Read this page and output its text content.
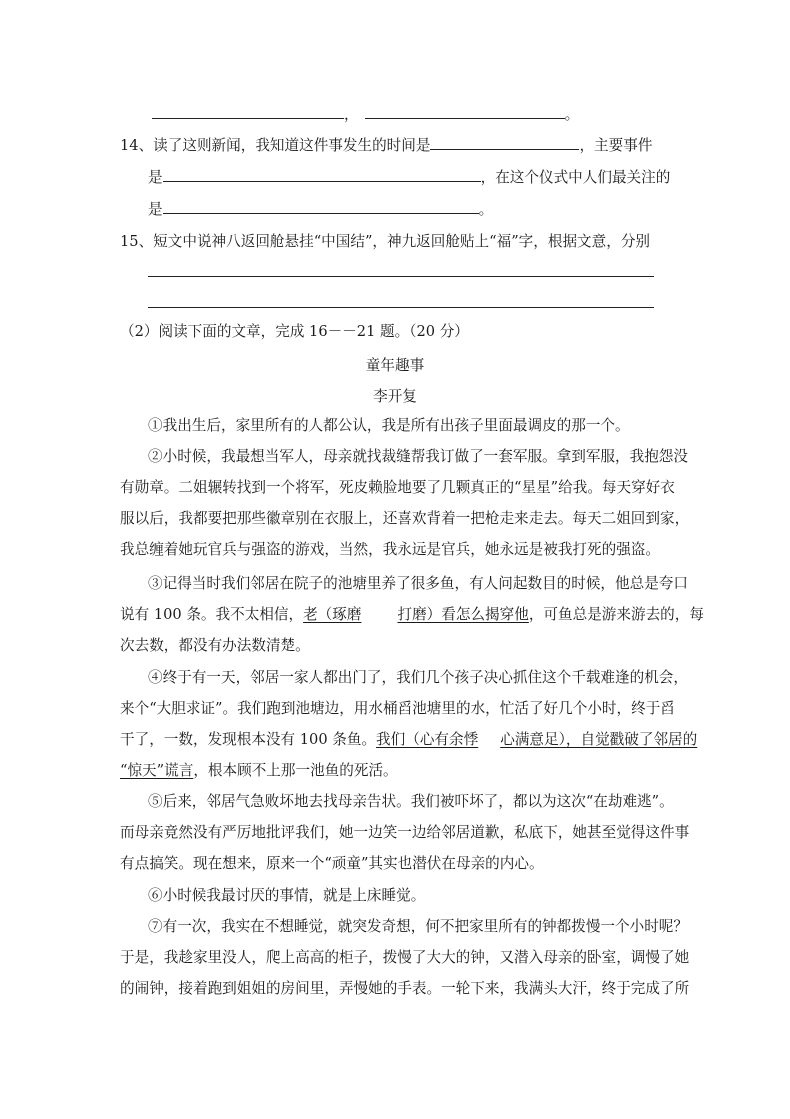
，	。
14、读了这则新闻，我知道这件事发生的时间是	，主要事件
是	，在这个仪式中人们最关注的
是	。
15、短文中说神八返回舱悬挂“中国结”，神九返回舱贴上“福”字，根据文意，分别
（2）阅读下面的文章，完成 16－－21 题。（20 分）
童年趣事
李开复
①我出生后，家里所有的人都公认，我是所有出孩子里面最调皮的那一个。
②小时候，我最想当军人，母亲就找裁缝帮我订做了一套军服。拿到军服，我抱怨没
有勋章。二姐辗转找到一个将军，死皮赖脸地要了几颗真正的“星星”给我。每天穿好衣
服以后，我都要把那些徽章别在衣服上，还喜欢背着一把枪走来走去。每天二姐回到家，
我总缠着她玩官兵与强盗的游戏，当然，我永远是官兵，她永远是被我打死的强盗。
③记得当时我们邻居在院子的池塘里养了很多鱼，有人问起数目的时候，他总是夸口
说有 100 条。我不太相信，老（琢磨 打磨）看怎么揭穿他，可鱼总是游来游去的，每
次去数，都没有办法数清楚。
④终于有一天，邻居一家人都出门了，我们几个孩子决心抓住这个千载难逢的机会，
来个“大胆求证”。我们跑到池塘边，用水桶舀池塘里的水，忙活了好几个小时，终于舀
干了，一数，发现根本没有 100 条鱼。我们（心有余悸 心满意足），自觉戳破了邻居的
“惊天”谎言，根本顾不上那一池鱼的死活。
⑤后来，邻居气急败坏地去找母亲告状。我们被吓坏了，都以为这次“在劫难逃”。
而母亲竟然没有严厉地批评我们，她一边笑一边给邻居道歉，私底下，她甚至觉得这件事
有点搞笑。现在想来，原来一个“顽童”其实也潜伏在母亲的内心。
⑥小时候我最讨厌的事情，就是上床睡觉。
⑦有一次，我实在不想睡觉，就突发奇想，何不把家里所有的钟都拨慢一个小时呢？
于是，我趁家里没人，爬上高高的柜子，拨慢了大大的钟，又潜入母亲的卧室，调慢了她
的闹钟，接着跑到姐姐的房间里，弄慢她的手表。一轮下来，我满头大汗，终于完成了所
